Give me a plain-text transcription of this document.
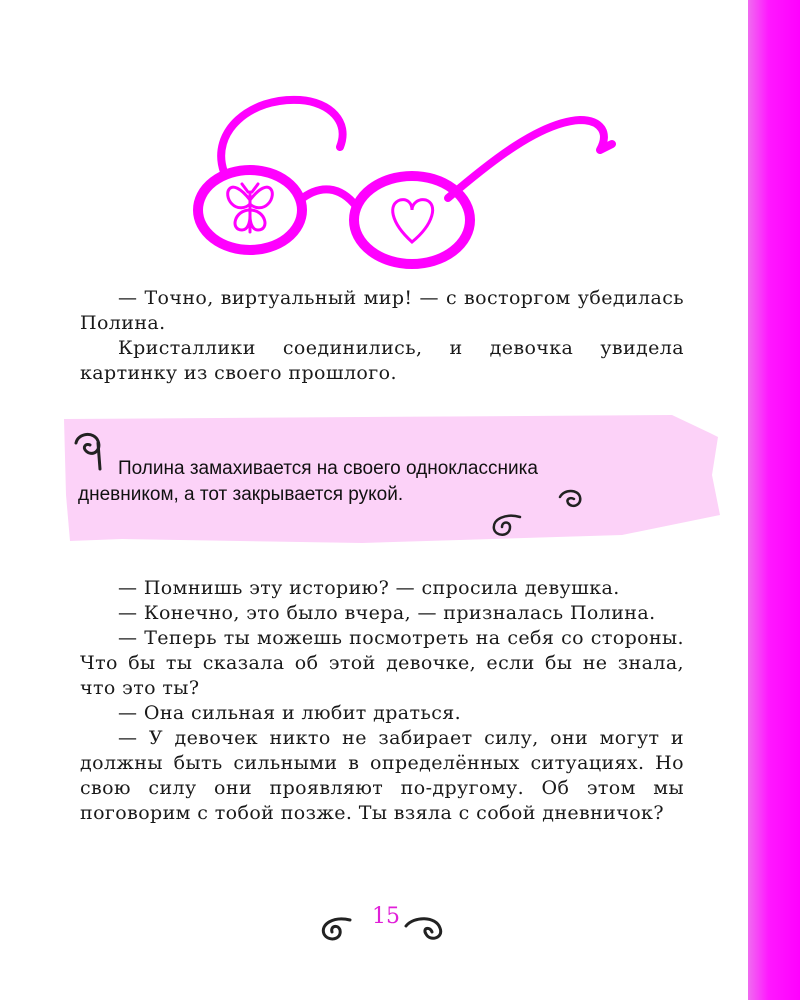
— Точно, виртуальный мир! — с восторгом убедилась Полина.

Кристаллики соединились, и девочка увидела картинку из своего прошлого.

Полина замахивается на своего одноклассника

дневником, а тот закрывается рукой.

— Помнишь эту историю? — спросила девушка.

— Конечно, это было вчера, — призналась Полина.

— Теперь ты можешь посмотреть на себя со стороны. Что бы ты сказала об этой девочке, если бы не знала, что это ты?

— Она сильная и любит драться.

— У девочек никто не забирает силу, они могут и должны быть сильными в определённых ситуациях. Но свою силу они проявляют по-другому. Об этом мы поговорим с тобой позже. Ты взяла с собой дневничок?

15
